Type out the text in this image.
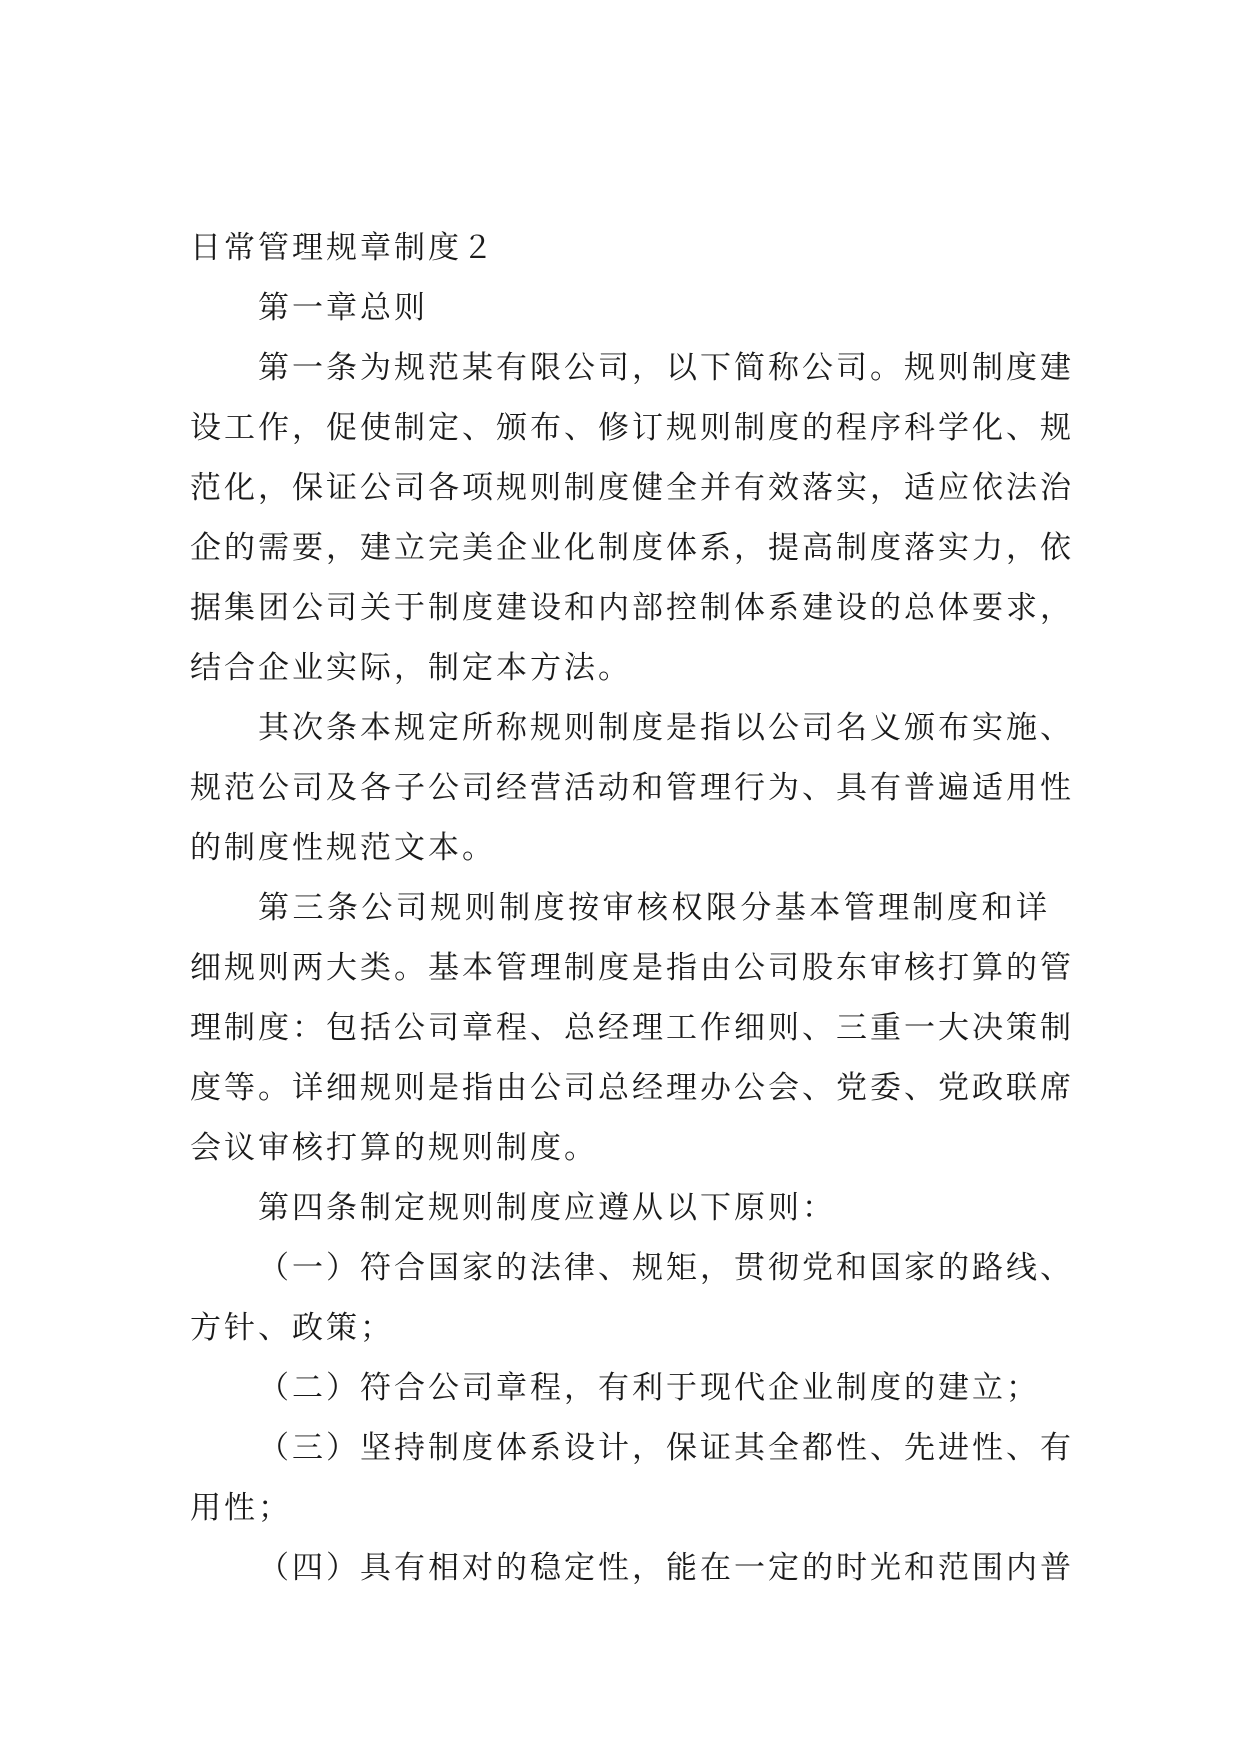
日常管理规章制度２
第一章总则
第一条为规范某有限公司，以下简称公司。规则制度建
设工作，促使制定、颁布、修订规则制度的程序科学化、规
范化，保证公司各项规则制度健全并有效落实，适应依法治
企的需要，建立完美企业化制度体系，提高制度落实力，依
据集团公司关于制度建设和内部控制体系建设的总体要求，
结合企业实际，制定本方法。
其次条本规定所称规则制度是指以公司名义颁布实施、
规范公司及各子公司经营活动和管理行为、具有普遍适用性
的制度性规范文本。
第三条公司规则制度按审核权限分基本管理制度和详
细规则两大类。基本管理制度是指由公司股东审核打算的管
理制度：包括公司章程、总经理工作细则、三重一大决策制
度等。详细规则是指由公司总经理办公会、党委、党政联席
会议审核打算的规则制度。
第四条制定规则制度应遵从以下原则：
（一）符合国家的法律、规矩，贯彻党和国家的路线、
方针、政策；
（二）符合公司章程，有利于现代企业制度的建立；
（三）坚持制度体系设计，保证其全都性、先进性、有
用性；
（四）具有相对的稳定性，能在一定的时光和范围内普
